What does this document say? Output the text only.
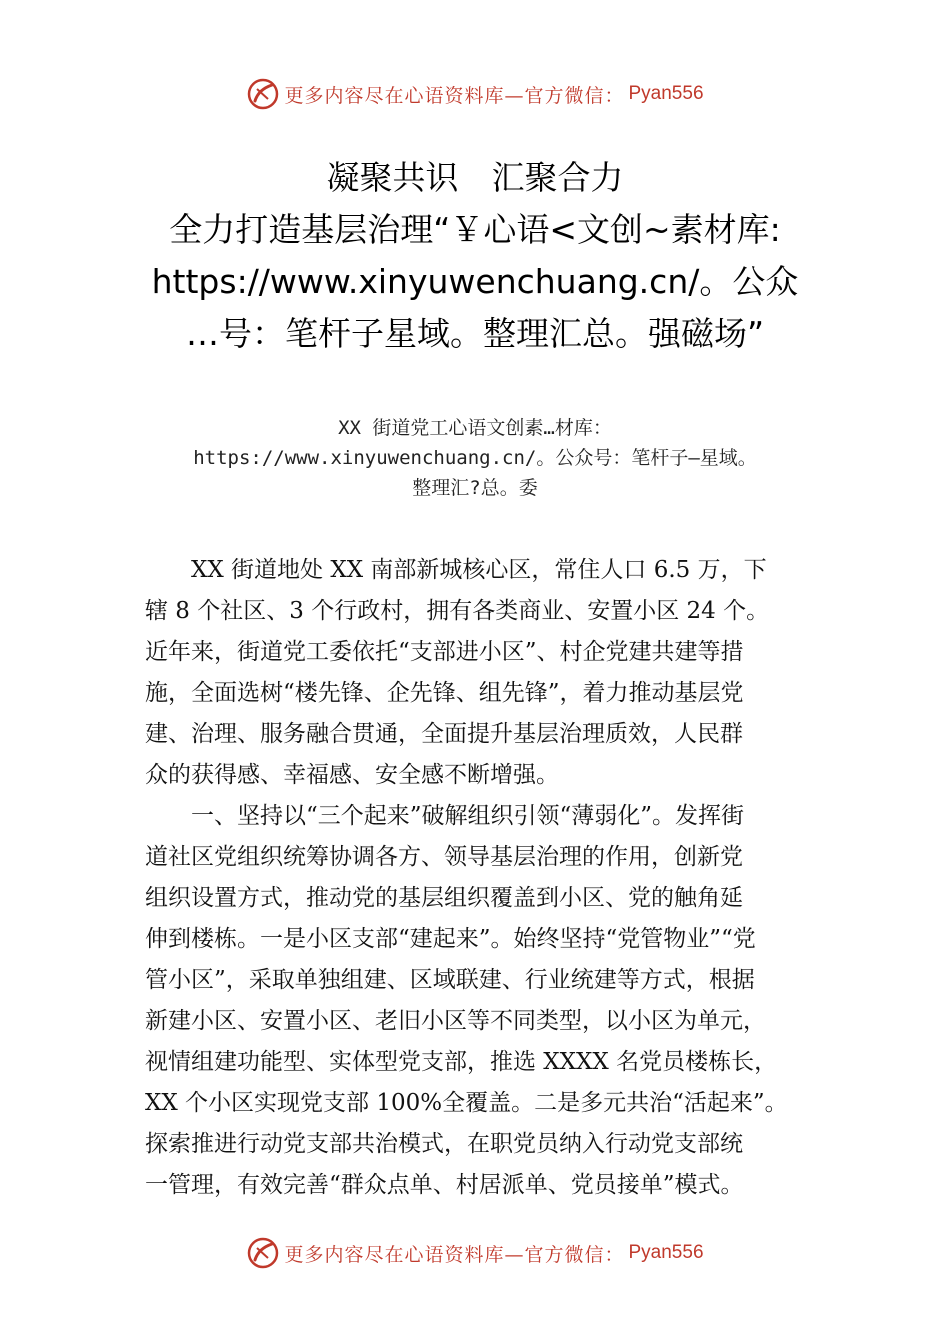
更多内容尽在心语资料库—官方微信： Pyan556
凝聚共识　汇聚合力
全力打造基层治理“￥心语<文创~素材库:
https://www.xinyuwenchuang.cn/。公众
…号：笔杆子星域。整理汇总。强磁场”
XX 街道党工心语文创素…材库：
https://www.xinyuwenchuang.cn/。公众号：笔杆子—星域。
整理汇?总。委
　　XX 街道地处 XX 南部新城核心区，常住人口 6.5 万，下
辖 8 个社区、3 个行政村，拥有各类商业、安置小区 24 个。
近年来，街道党工委依托“支部进小区”、村企党建共建等措
施，全面选树“楼先锋、企先锋、组先锋”，着力推动基层党
建、治理、服务融合贯通，全面提升基层治理质效，人民群
众的获得感、幸福感、安全感不断增强。
　　一、坚持以“三个起来”破解组织引领“薄弱化”。发挥街
道社区党组织统筹协调各方、领导基层治理的作用，创新党
组织设置方式，推动党的基层组织覆盖到小区、党的触角延
伸到楼栋。一是小区支部“建起来”。始终坚持“党管物业”“党
管小区”，采取单独组建、区域联建、行业统建等方式，根据
新建小区、安置小区、老旧小区等不同类型，以小区为单元，
视情组建功能型、实体型党支部，推选 XXXX 名党员楼栋长，
XX 个小区实现党支部 100%全覆盖。二是多元共治“活起来”。
探索推进行动党支部共治模式，在职党员纳入行动党支部统
一管理，有效完善“群众点单、村居派单、党员接单”模式。
更多内容尽在心语资料库—官方微信： Pyan556
